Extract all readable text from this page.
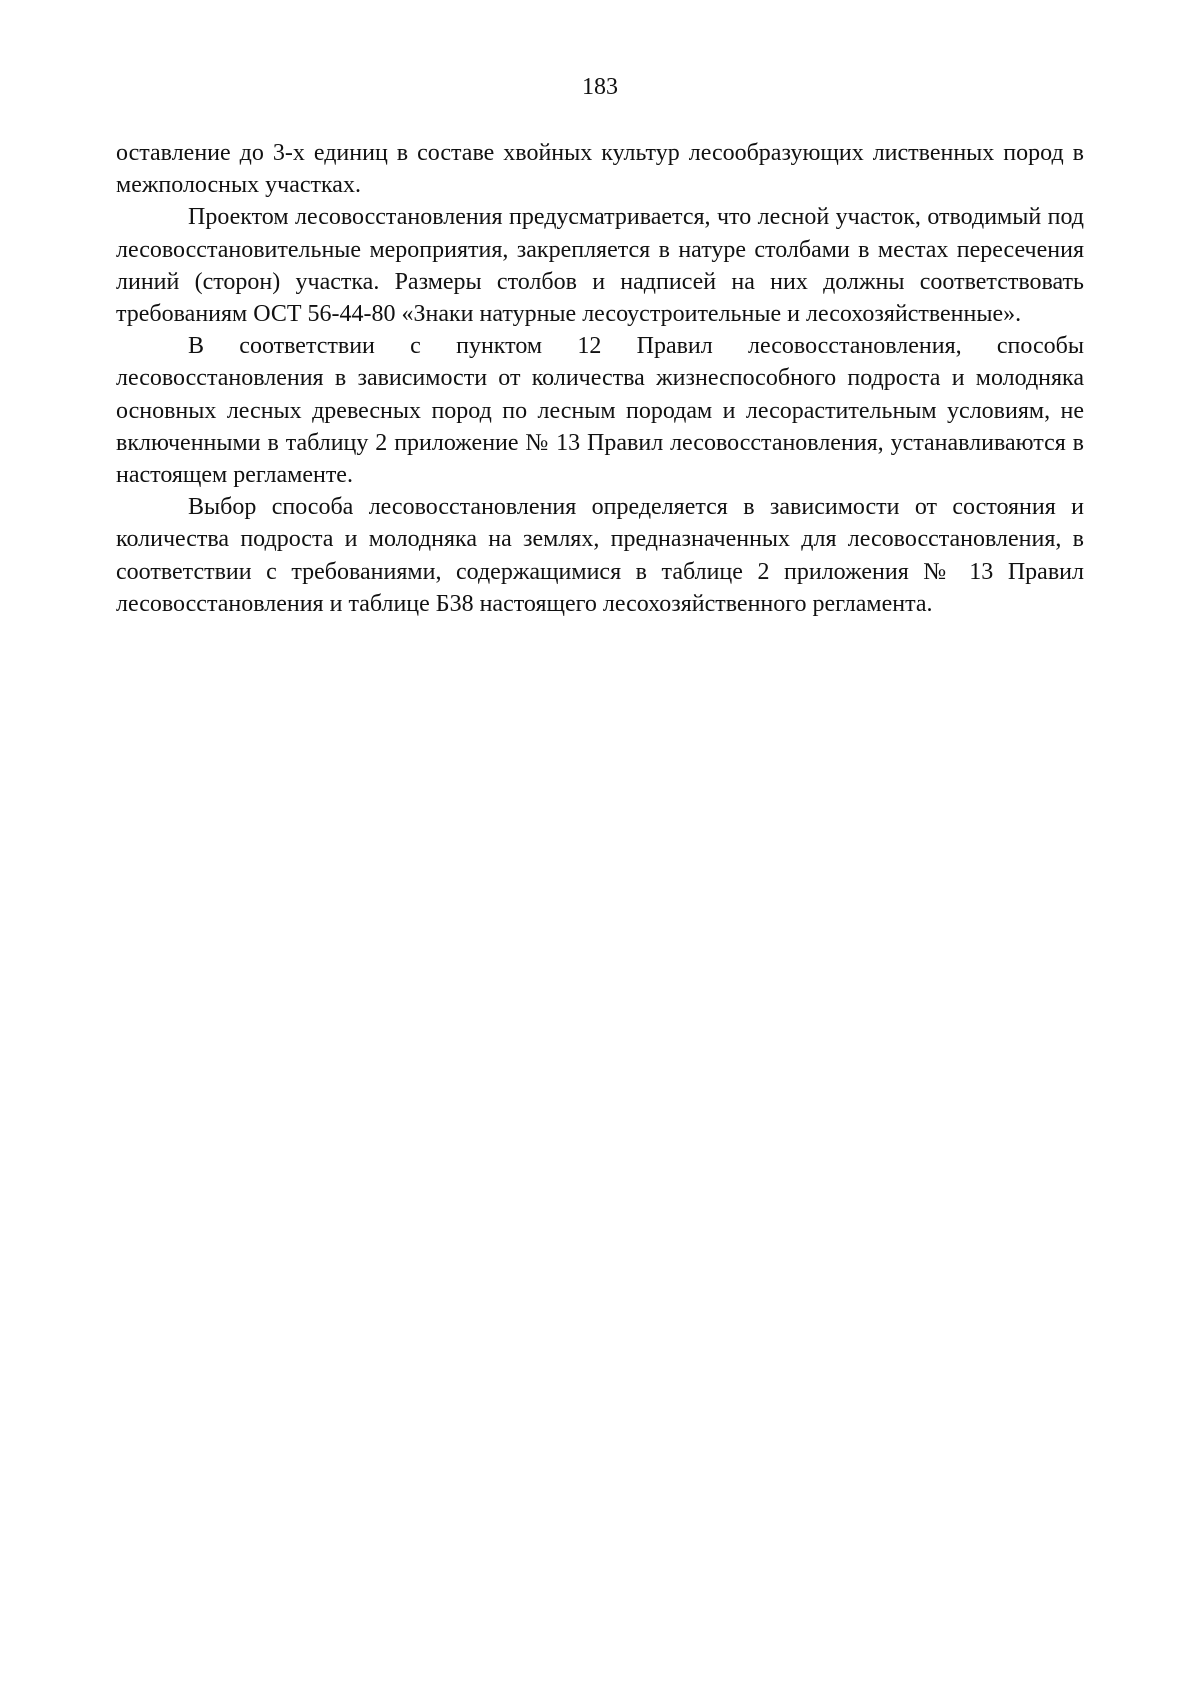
183

оставление до 3-х единиц в составе хвойных культур лесообразующих лиственных пород в межполосных участках.

Проектом лесовосстановления предусматривается, что лесной участок, отводимый под лесовосстановительные мероприятия, закрепляется в натуре столбами в местах пересечения линий (сторон) участка. Размеры столбов и надписей на них должны соответствовать требованиям ОСТ 56-44-80 «Знаки натурные лесоустроительные и лесохозяйственные».

В соответствии с пунктом 12 Правил лесовосстановления, способы лесовосстановления в зависимости от количества жизнеспособного подроста и молодняка основных лесных древесных пород по лесным породам и лесорастительным условиям, не включенными в таблицу 2 приложение № 13 Правил лесовосстановления, устанавливаются в настоящем регламенте.

Выбор способа лесовосстановления определяется в зависимости от состояния и количества подроста и молодняка на землях, предназначенных для лесовосстановления, в соответствии с требованиями, содержащимися в таблице 2 приложения № 13 Правил лесовосстановления и таблице Б38 настоящего лесохозяйственного регламента.
